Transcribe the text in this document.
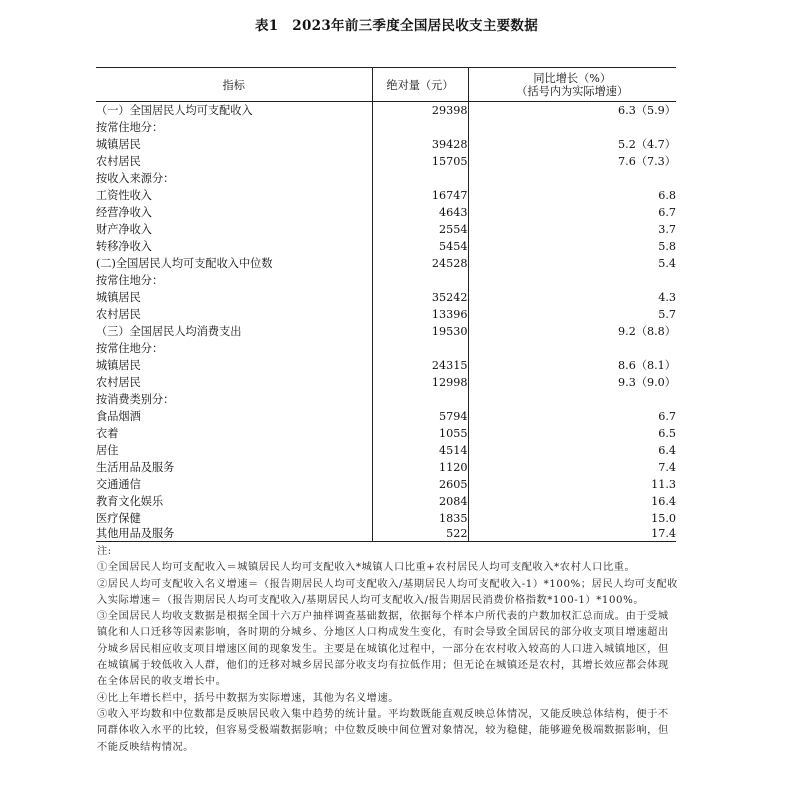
表1　2023年前三季度全国居民收支主要数据
指标	绝对量（元）	同比增长（%）
（括号内为实际增速）

（一）全国居民人均可支配收入	29398	6.3（5.9）
按常住地分：		
城镇居民	39428	5.2（4.7）
农村居民	15705	7.6（7.3）
按收入来源分：		
工资性收入	16747	6.8
经营净收入	4643	6.7
财产净收入	2554	3.7
转移净收入	5454	5.8
(二)全国居民人均可支配收入中位数	24528	5.4
按常住地分：		
城镇居民	35242	4.3
农村居民	13396	5.7
（三）全国居民人均消费支出	19530	9.2（8.8）
按常住地分：		
城镇居民	24315	8.6（8.1）
农村居民	12998	9.3（9.0）
按消费类别分：		
食品烟酒	5794	6.7
衣着	1055	6.5
居住	4514	6.4
生活用品及服务	1120	7.4
交通通信	2605	11.3
教育文化娱乐	2084	16.4
医疗保健	1835	15.0
其他用品及服务	522	17.4

注:

①全国居民人均可支配收入＝城镇居民人均可支配收入*城镇人口比重+农村居民人均可支配收入*农村人口比重。

②居民人均可支配收入名义增速＝（报告期居民人均可支配收入/基期居民人均可支配收入-1）*100%；居民人均可支配收入实际增速＝（报告期居民人均可支配收入/基期居民人均可支配收入/报告期居民消费价格指数*100-1）*100%。

③全国居民人均收支数据是根据全国十六万户抽样调查基础数据，依据每个样本户所代表的户数加权汇总而成。由于受城镇化和人口迁移等因素影响，各时期的分城乡、分地区人口构成发生变化，有时会导致全国居民的部分收支项目增速超出分城乡居民相应收支项目增速区间的现象发生。主要是在城镇化过程中，一部分在农村收入较高的人口进入城镇地区，但在城镇属于较低收入人群，他们的迁移对城乡居民部分收支均有拉低作用；但无论在城镇还是农村，其增长效应都会体现在全体居民的收支增长中。

④比上年增长栏中，括号中数据为实际增速，其他为名义增速。

⑤收入平均数和中位数都是反映居民收入集中趋势的统计量。平均数既能直观反映总体情况，又能反映总体结构，便于不同群体收入水平的比较，但容易受极端数据影响；中位数反映中间位置对象情况，较为稳健，能够避免极端数据影响，但不能反映结构情况。
